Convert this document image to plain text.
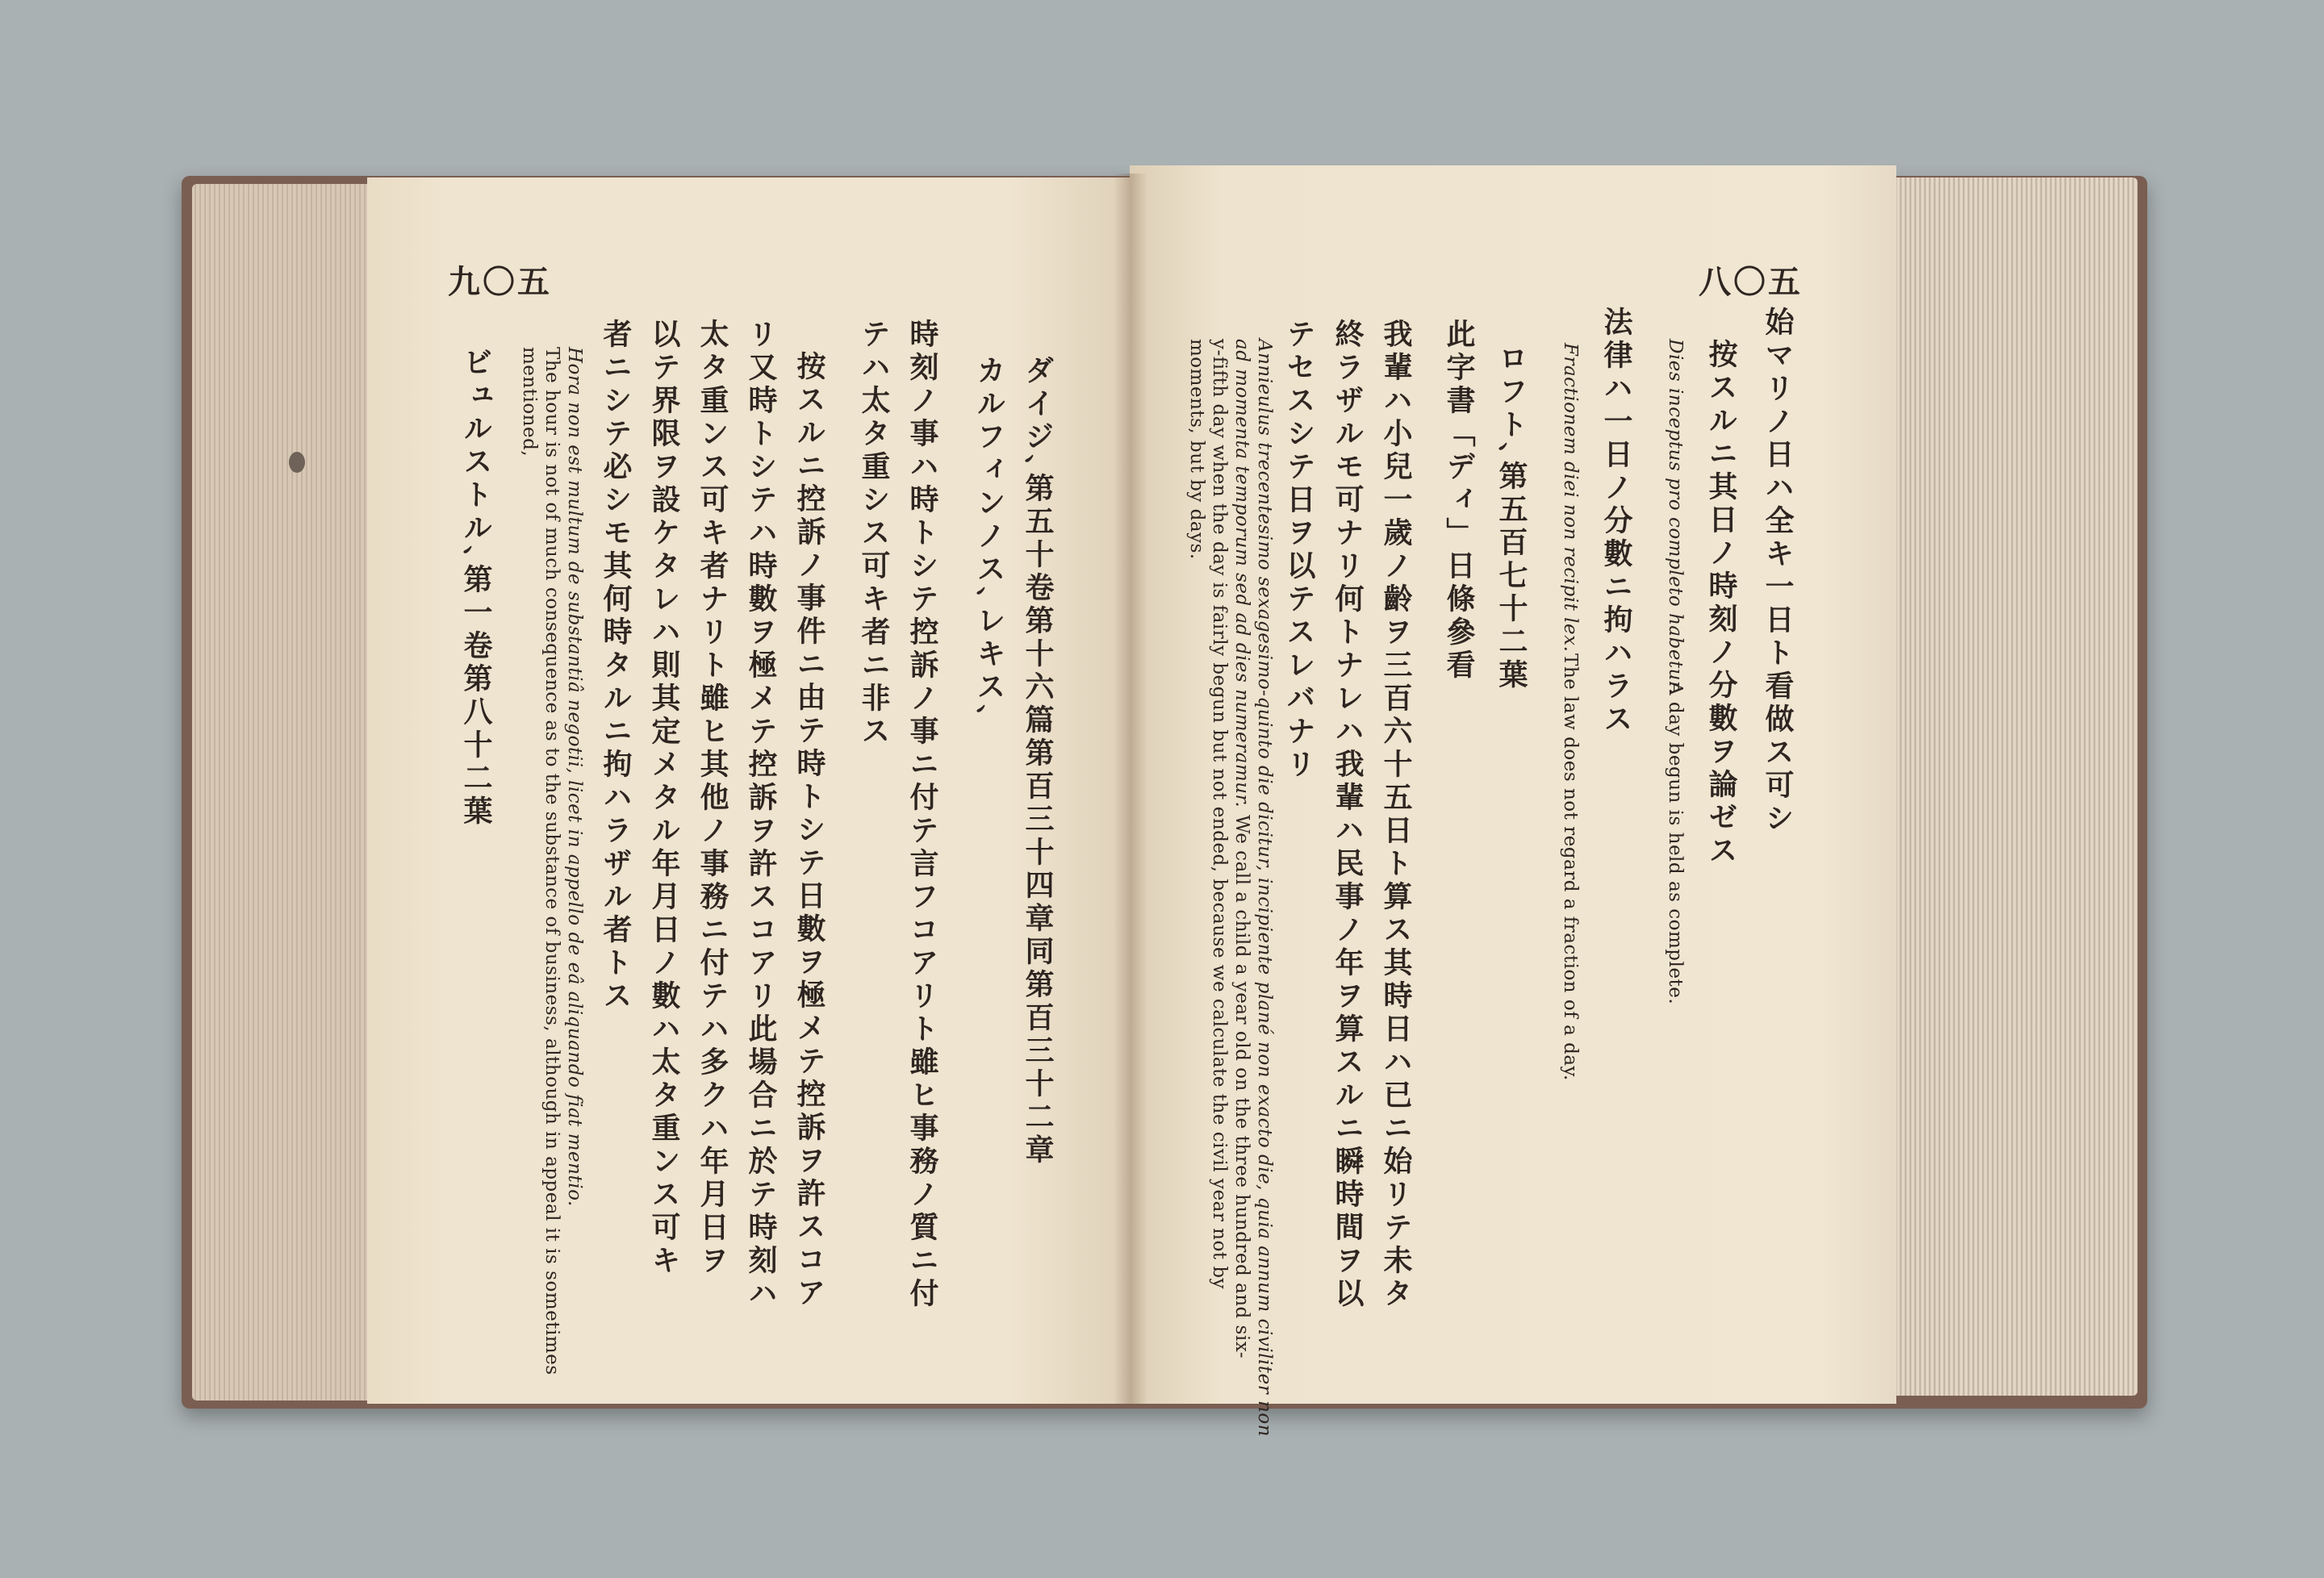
九〇五	八〇五
ダイジ､第五十卷第十六篇第百三十四章同第百三十二章
カルフィンノス､レキス､
時刻ノ事ハ時トシテ控訴ノ事ニ付テ言フコアリト雖ヒ事務ノ質ニ付
テハ太タ重シス可キ者ニ非ス
按スルニ控訴ノ事件ニ由テ時トシテ日數ヲ極メテ控訴ヲ許スコア
リ又時トシテハ時數ヲ極メテ控訴ヲ許スコアリ此場合ニ於テ時刻ハ
太タ重ンス可キ者ナリト雖ヒ其他ノ事務ニ付テハ多クハ年月日ヲ
以テ界限ヲ設ケタレハ則其定メタル年月日ノ數ハ太タ重ンス可キ
者ニシテ必シモ其何時タルニ拘ハラザル者トス
Hora non est multum de substantiâ negotii, licet in appello de eâ aliquando fiat mentio.
The hour is not of much consequence as to the substance of business, although in appeal it is sometimes
mentioned,
ビュルストル､第一卷第八十二葉	始マリノ日ハ全キ一日ト看做ス可シ
按スルニ其日ノ時刻ノ分數ヲ論ゼス
Dies inceptus pro completo habetur.
A day begun is held as complete.
法律ハ一日ノ分數ニ拘ハラス
Fractionem diei non recipit lex.
The law does not regard a fraction of a day.
ロフト､第五百七十二葉
此字書「ディ」日條參看
我輩ハ小兒一歲ノ齡ヲ三百六十五日ト算ス其時日ハ已ニ始リテ未タ
終ラザルモ可ナリ何トナレハ我輩ハ民事ノ年ヲ算スルニ瞬時間ヲ以
テセスシテ日ヲ以テスレバナリ
Annieulus trecentesimo sexagesimo-quinto die dicitur, incipiente plané non exacto die, quia annum civiliter non
ad momenta temporum sed ad dies numeramur.
We call a child a year old on the three hundred and six-
y-fifth day when the day is fairly begun but not ended, because we calculate the civil year not by
moments, but by days.
